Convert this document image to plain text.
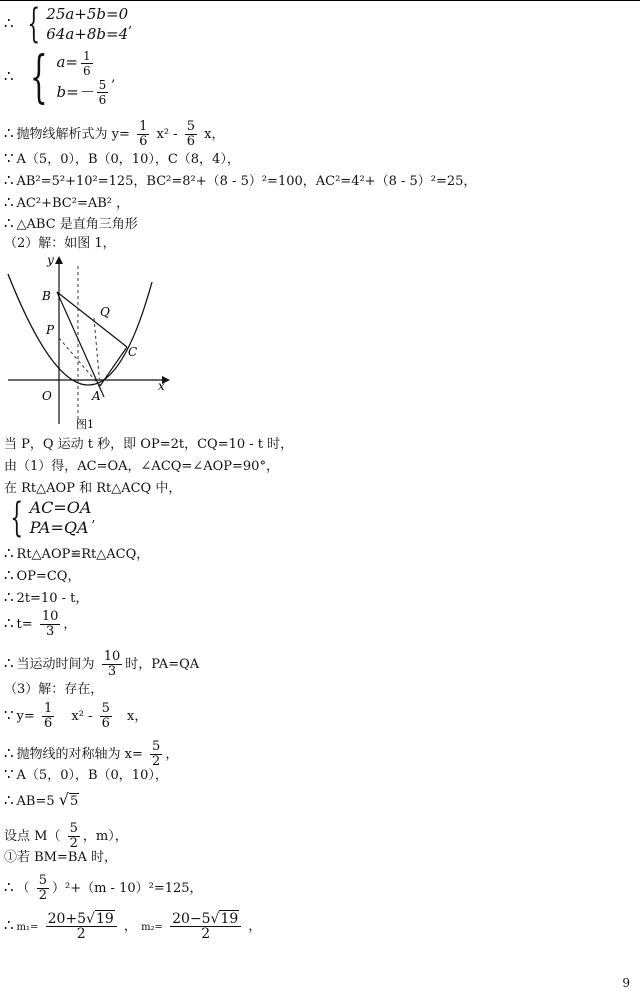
∴ { 25a+5b=0
64a+8b=4
,
∴ { $a= \frac{1}{6}$
$b=- \frac{5}{6}$
,
∴ 抛物线解析式为 $y= \frac{1}{6} x^2 - \frac{5}{6}$ x，
∵ A（5，0），B（0，10），C（8，4），
∴ AB²=5²+10²=125，BC²=8²+（8 - 5）²=100，AC²=4²+（8 - 5）²=25，
∴ AC²+BC²=AB² ，
∴ △ABC 是直角三角形
（2）解：如图 1，
y
x
B
Q
P
C
O	A
图1
当 P，Q 运动 t 秒，即 OP=2t，CQ=10 - t 时，
由（1）得，AC=OA，∠ACQ=∠AOP=90°，
在 Rt△AOP 和 Rt△ACQ 中，
{ AC=OA
PA=QA ,
∴ Rt△AOP≌Rt△ACQ，
∴ OP=CQ，
∴ 2t=10 - t，
∴ $t= \frac{10}{3}$ ，
∴ 当运动时间为 $\frac{10}{3}$ 时，PA=QA
（3）解：存在，
∵ $y= \frac{1}{6} x^2 - \frac{5}{6}$ x，
∴ 抛物线的对称轴为 $x= \frac{5}{2}$ ，
∵ A（5，0），B（0，10），
∴ AB=5 √5
设点 $M( \frac{5}{2}$ ，m），
①若 BM=BA 时，
∴ （ $\frac{5}{2} )^2+(m - 10)^2=125$，
∴ $m_1= \frac{20+5√19}{2}$ ， $m_2= \frac{20-5√19}{2}$ ，
9
